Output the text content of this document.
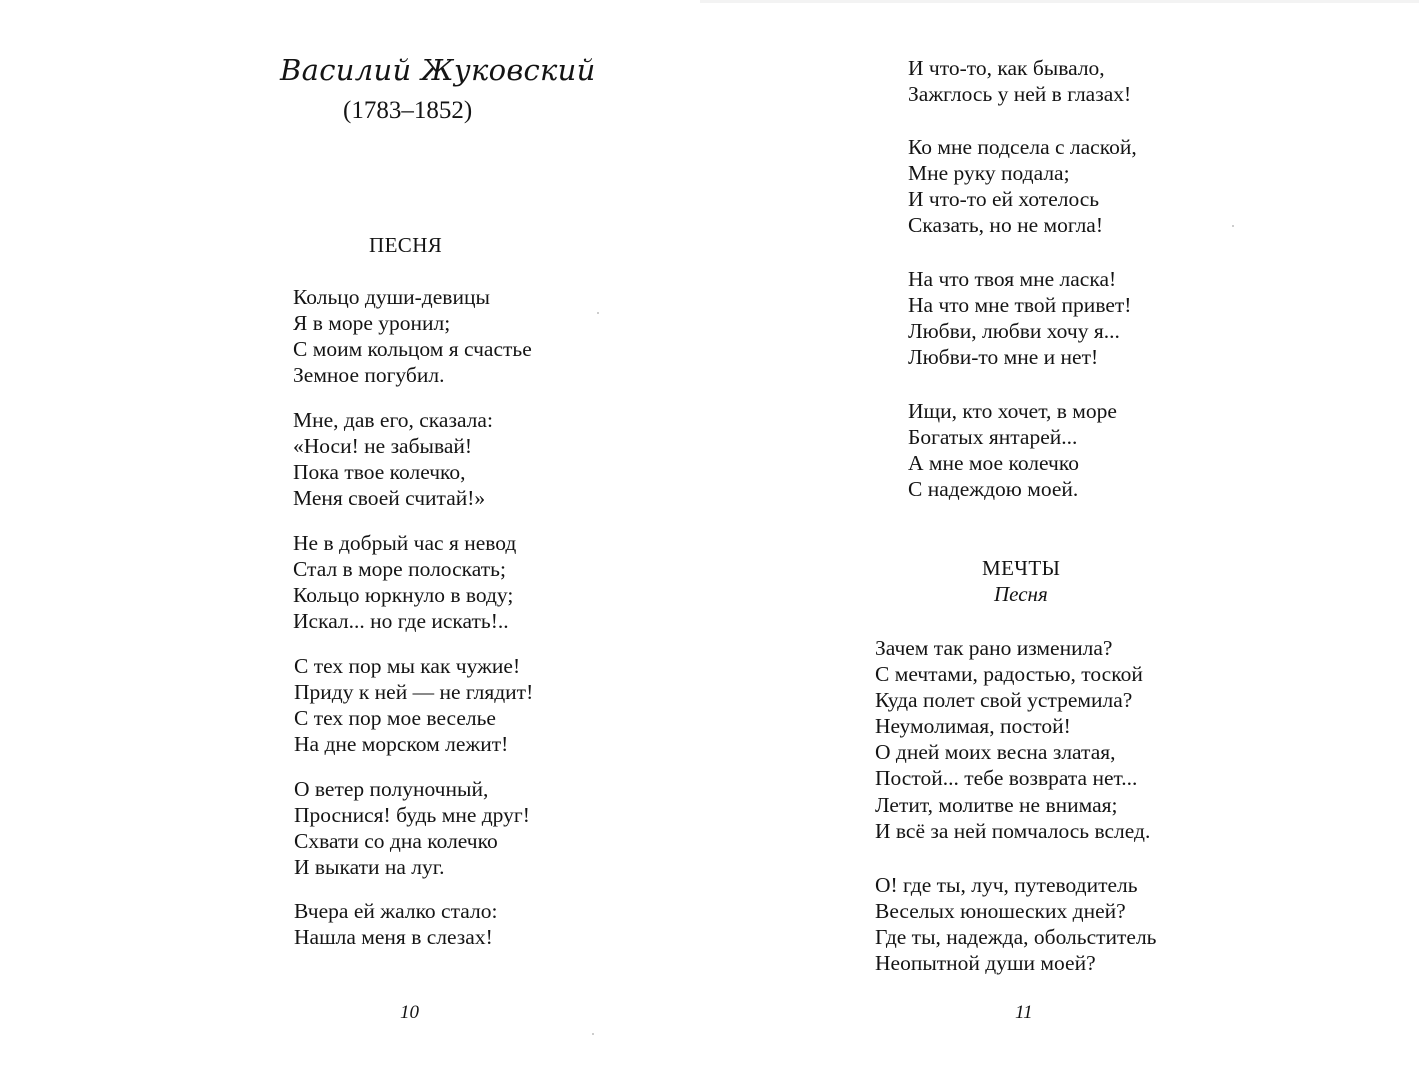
Василий Жуковский
(1783–1852)
ПЕСНЯ
Кольцо души-девицы
Я в море уронил;
С моим кольцом я счастье
Земное погубил.
Мне, дав его, сказала:
«Носи! не забывай!
Пока твое колечко,
Меня своей считай!»
Не в добрый час я невод
Стал в море полоскать;
Кольцо юркнуло в воду;
Искал... но где искать!..
С тех пор мы как чужие!
Приду к ней — не глядит!
С тех пор мое веселье
На дне морском лежит!
О ветер полуночный,
Проснися! будь мне друг!
Схвати со дна колечко
И выкати на луг.
Вчера ей жалко стало:
Нашла меня в слезах!
10
И что-то, как бывало,
Зажглось у ней в глазах!
Ко мне подсела с лаской,
Мне руку подала;
И что-то ей хотелось
Сказать, но не могла!
На что твоя мне ласка!
На что мне твой привет!
Любви, любви хочу я...
Любви-то мне и нет!
Ищи, кто хочет, в море
Богатых янтарей...
А мне мое колечко
С надеждою моей.
МЕЧТЫ
Песня
Зачем так рано изменила?
С мечтами, радостью, тоской
Куда полет свой устремила?
Неумолимая, постой!
О дней моих весна златая,
Постой... тебе возврата нет...
Летит, молитве не внимая;
И всё за ней помчалось вслед.
О! где ты, луч, путеводитель
Веселых юношеских дней?
Где ты, надежда, обольститель
Неопытной души моей?
11
